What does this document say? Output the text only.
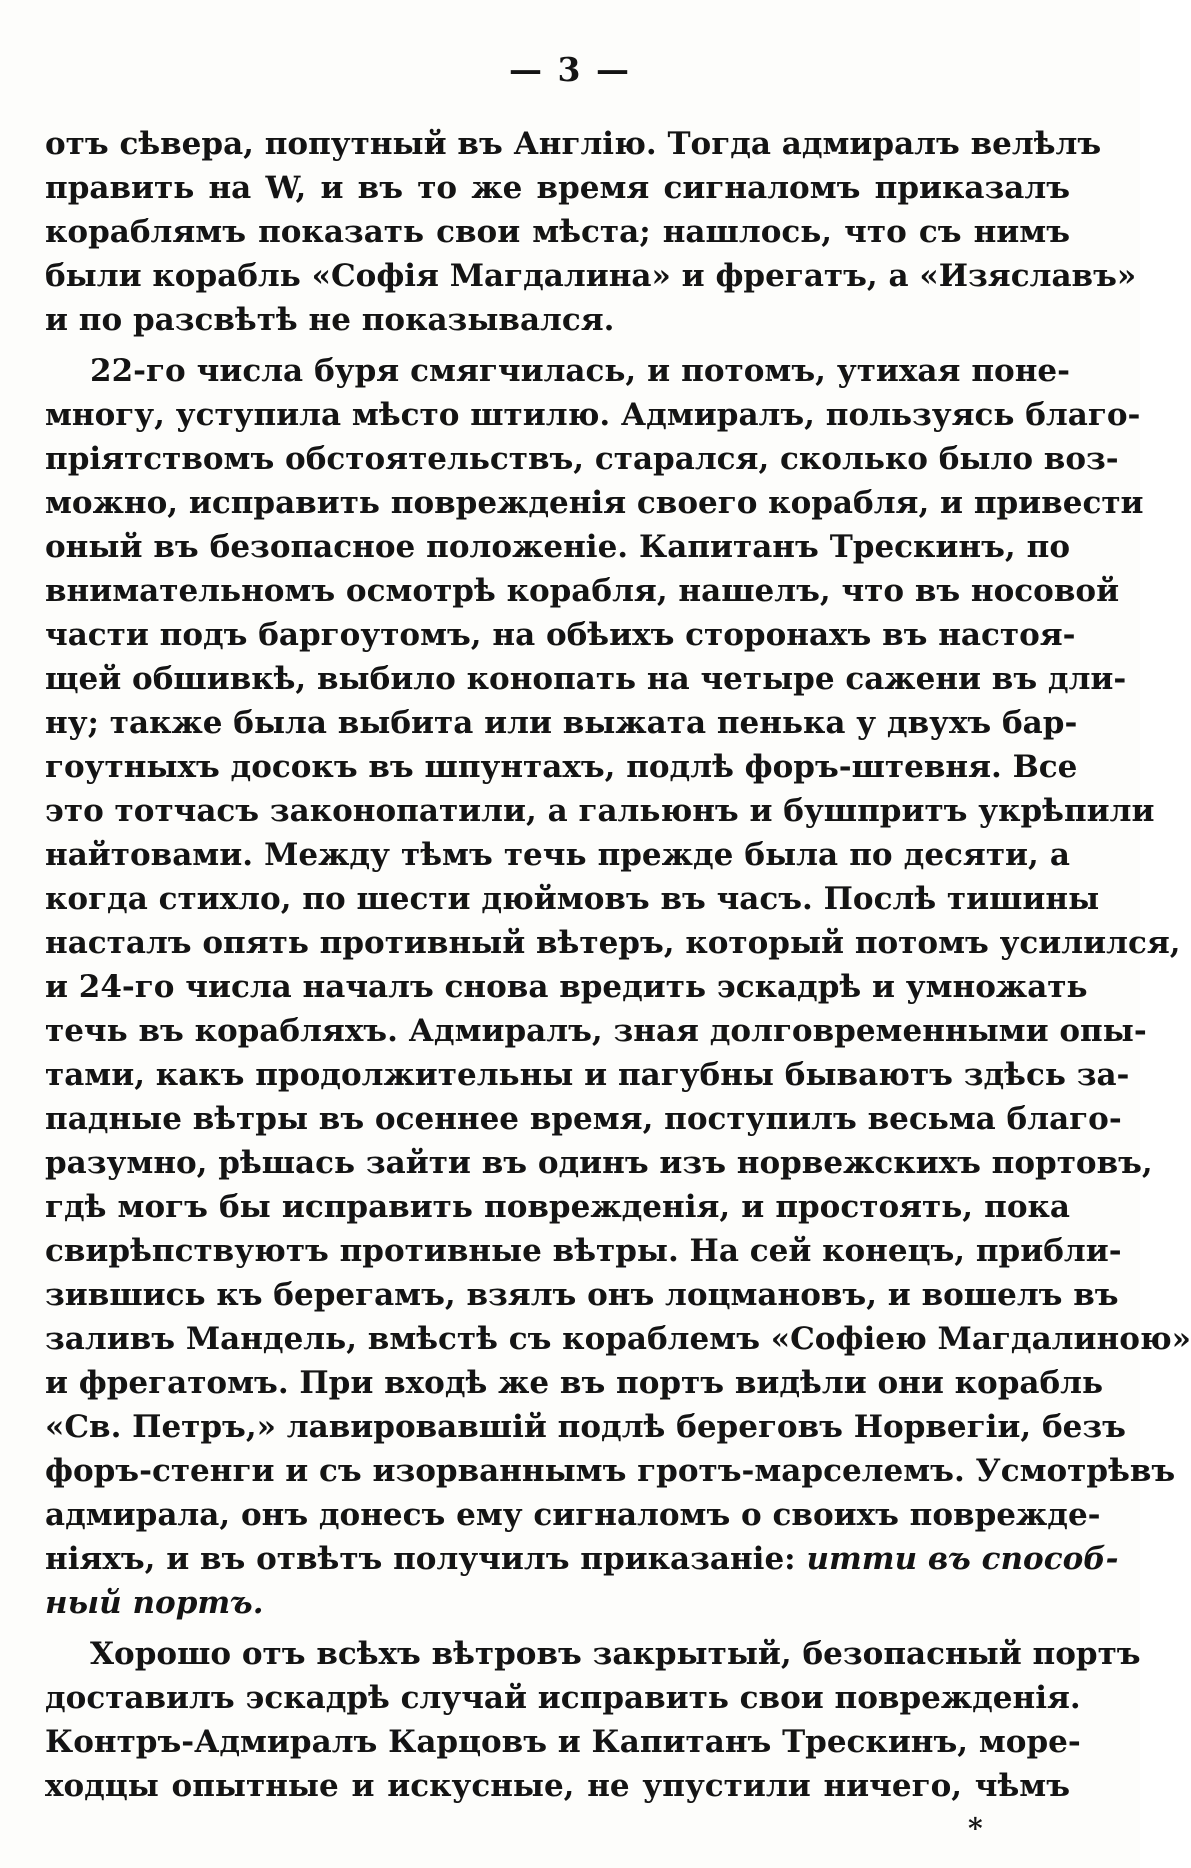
— 3 —
отъ сѣвера, попутный въ Англію. Тогда адмиралъ велѣлъ
править на W, и въ то же время сигналомъ приказалъ
кораблямъ показать свои мѣста; нашлось, что съ нимъ
были корабль «Софія Магдалина» и фрегатъ, а «Изяславъ»
и по разсвѣтѣ не показывался.
22-го числа буря смягчилась, и потомъ, утихая поне-
многу, уступила мѣсто штилю. Адмиралъ, пользуясь благо-
пріятствомъ обстоятельствъ, старался, сколько было воз-
можно, исправить поврежденія своего корабля, и привести
оный въ безопасное положеніе. Капитанъ Трескинъ, по
внимательномъ осмотрѣ корабля, нашелъ, что въ носовой
части подъ баргоутомъ, на обѣихъ сторонахъ въ настоя-
щей обшивкѣ, выбило конопать на четыре сажени въ дли-
ну; также была выбита или выжата пенька у двухъ бар-
гоутныхъ досокъ въ шпунтахъ, подлѣ форъ-штевня. Все
это тотчасъ законопатили, а гальюнъ и бушпритъ укрѣпили
найтовами. Между тѣмъ течь прежде была по десяти, а
когда стихло, по шести дюймовъ въ часъ. Послѣ тишины
насталъ опять противный вѣтеръ, который потомъ усилился,
и 24-го числа началъ снова вредить эскадрѣ и умножать
течь въ корабляхъ. Адмиралъ, зная долговременными опы-
тами, какъ продолжительны и пагубны бываютъ здѣсь за-
падные вѣтры въ осеннее время, поступилъ весьма благо-
разумно, рѣшась зайти въ одинъ изъ норвежскихъ портовъ,
гдѣ могъ бы исправить поврежденія, и простоять, пока
свирѣпствуютъ противные вѣтры. На сей конецъ, прибли-
зившись къ берегамъ, взялъ онъ лоцмановъ, и вошелъ въ
заливъ Мандель, вмѣстѣ съ кораблемъ «Софіею Магдалиною»
и фрегатомъ. При входѣ же въ портъ видѣли они корабль
«Св. Петръ,» лавировавшій подлѣ береговъ Норвегіи, безъ
форъ-стенги и съ изорваннымъ гротъ-марселемъ. Усмотрѣвъ
адмирала, онъ донесъ ему сигналомъ о своихъ поврежде-
ніяхъ, и въ отвѣтъ получилъ приказаніе: итти въ способ-
ный портъ.
Хорошо отъ всѣхъ вѣтровъ закрытый, безопасный портъ
доставилъ эскадрѣ случай исправить свои поврежденія.
Контръ-Адмиралъ Карцовъ и Капитанъ Трескинъ, море-
ходцы опытные и искусные, не упустили ничего, чѣмъ
*
